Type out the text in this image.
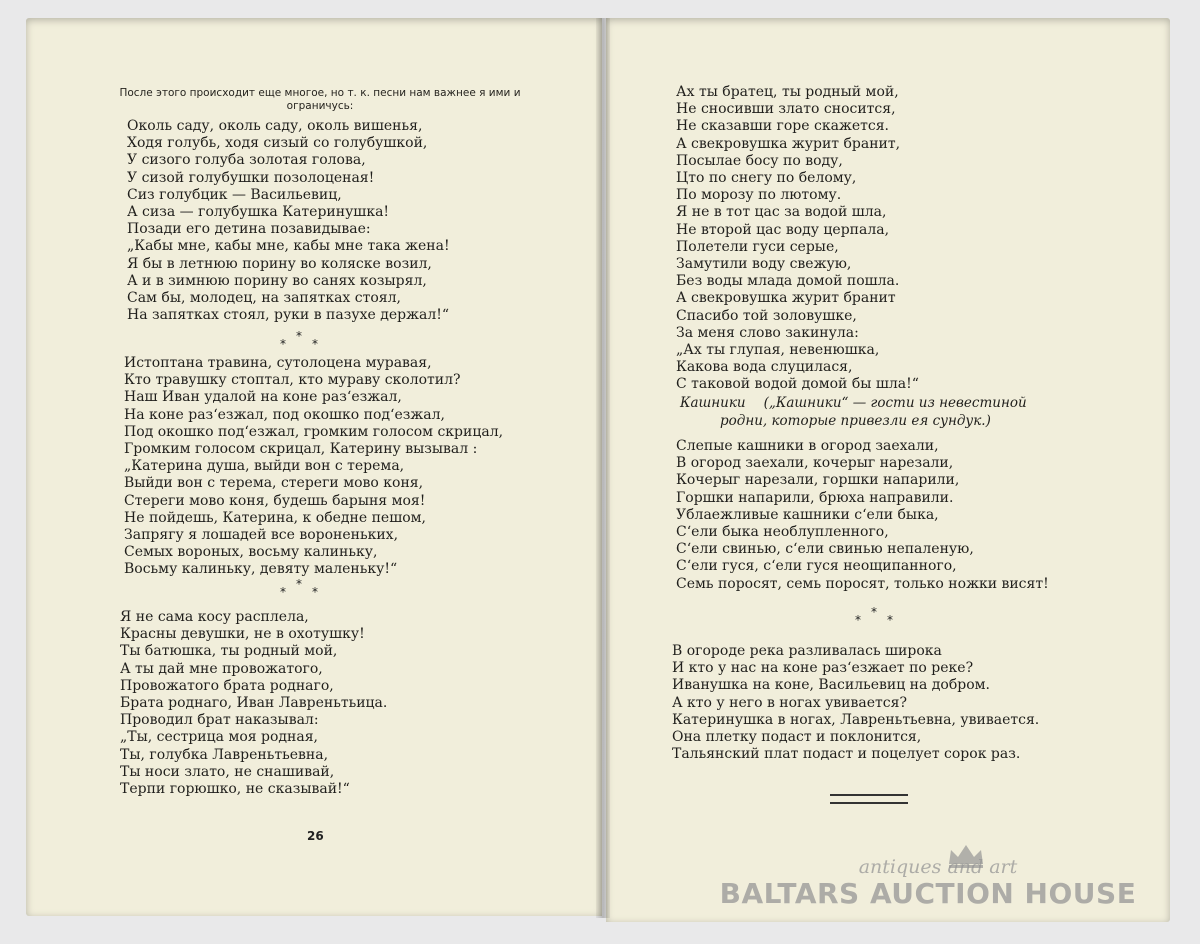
После этого происходит еще многое, но т. к. песни нам важнее я ими и ограничусь:
Околь саду, околь саду, околь вишенья,
Ходя голубь, ходя сизый со голубушкой,
У сизого голуба золотая голова,
У сизой голубушки позолоценая!
Сиз голубцик — Васильевиц,
А сиза — голубушка Катеринушка!
Позади его детина позавидывае:
„Кабы мне, кабы мне, кабы мне така жена!
Я бы в летнюю порину во коляске возил,
А и в зимнюю порину во санях козырял,
Сам бы, молодец, на запятках стоял,
На запятках стоял, руки в пазухе держал!“
*
*
*
Истоптана травина, сутолоцена муравая,
Кто травушку стоптал, кто мураву сколотил?
Наш Иван удалой на коне раз‘езжал,
На коне раз‘езжал, под окошко под‘езжал,
Под окошко под‘езжал, громким голосом скрицал,
Громким голосом скрицал, Катерину вызывал :
„Катерина душа, выйди вон с терема,
Выйди вон с терема, стереги мово коня,
Стереги мово коня, будешь барыня моя!
Не пойдешь, Катерина, к обедне пешом,
Запрягу я лошадей все вороненьких,
Семых вороных, восьму калиньку,
Восьму калиньку, девяту маленьку!“
*
*
*
Я не сама косу расплела,
Красны девушки, не в охотушку!
Ты батюшка, ты родный мой,
А ты дай мне провожатого,
Провожатого брата роднаго,
Брата роднаго, Иван Лавреньтьица.
Проводил брат наказывал:
„Ты, сестрица моя родная,
Ты, голубка Лавреньтьевна,
Ты носи злато, не снашивай,
Терпи горюшко, не сказывай!“
26
Ах ты братец, ты родный мой,
Не сносивши злато сносится,
Не сказавши горе скажется.
А свекровушка журит бранит,
Посылае босу по воду,
Цто по снегу по белому,
По морозу по лютому.
Я не в тот цас за водой шла,
Не второй цас воду церпала,
Полетели гуси серые,
Замутили воду свежую,
Без воды млада домой пошла.
А свекровушка журит бранит
Спасибо той золовушке,
За меня слово закинула:
„Ах ты глупая, невенюшка,
Какова вода слуцилася,
С таковой водой домой бы шла!“
Кашники („Кашники“ — гости из невестиной
родни, которые привезли ея сундук.)
Слепые кашники в огород заехали,
В огород заехали, кочерыг нарезали,
Кочерыг нарезали, горшки напарили,
Горшки напарили, брюха направили.
Ублаежливые кашники с‘ели быка,
С‘ели быка необлупленного,
С‘ели свинью, с‘ели свинью непаленую,
С‘ели гуся, с‘ели гуся неощипанного,
Семь поросят, семь поросят, только ножки висят!
*
*
*
В огороде река разливалась широка
И кто у нас на коне раз‘езжает по реке?
Иванушка на коне, Васильевиц на добром.
А кто у него в ногах увивается?
Катеринушка в ногах, Лавреньтьевна, увивается.
Она плетку подаст и поклонится,
Тальянский плат подаст и поцелует сорок раз.
antiques and art
BALTARS AUCTION HOUSE
